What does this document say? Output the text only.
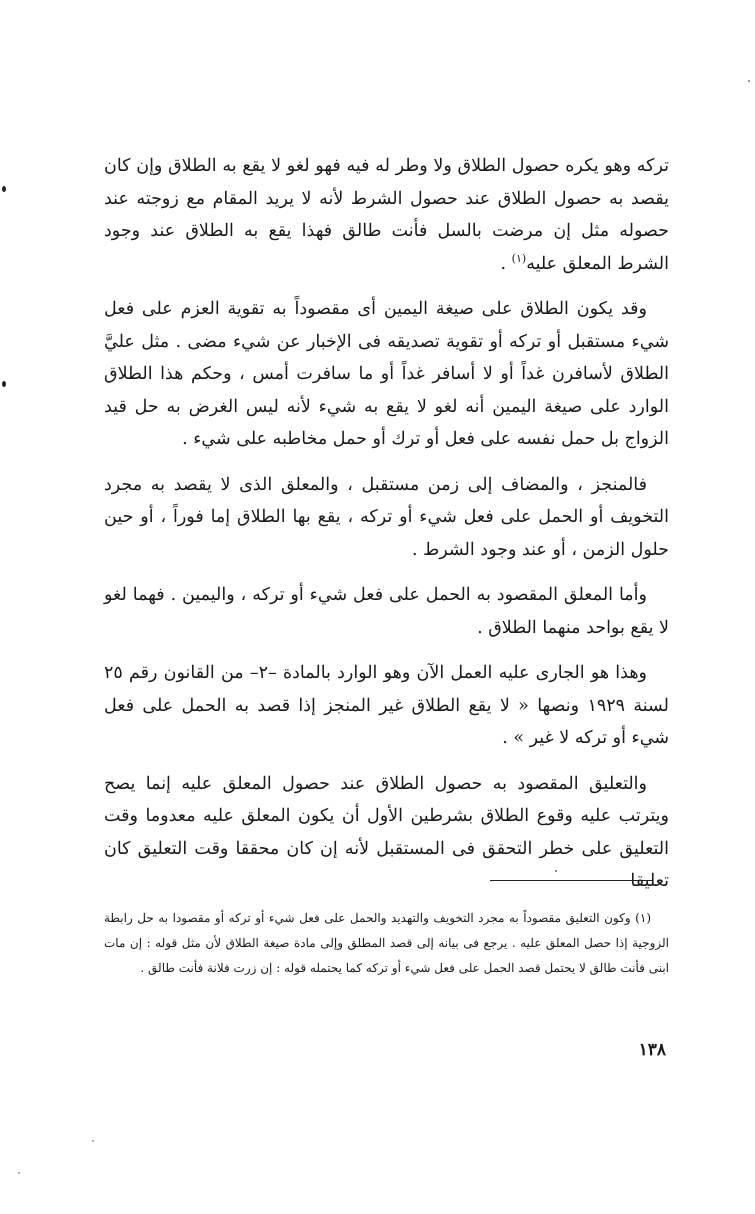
تركه وهو يكره حصول الطلاق ولا وطر له فيه فهو لغو لا يقع به الطلاق وإن كان يقصد به حصول الطلاق عند حصول الشرط لأنه لا يريد المقام مع زوجته عند حصوله مثل إن مرضت بالسل فأنت طالق فهذا يقع به الطلاق عند وجود الشرط المعلق عليه$^{(١)}$ .

وقد يكون الطلاق على صيغة اليمين أى مقصوداً به تقوية العزم على فعل شيء مستقبل أو تركه أو تقوية تصديقه فى الإخبار عن شيء مضى . مثل عليَّ الطلاق لأسافرن غداً أو لا أسافر غداً أو ما سافرت أمس ، وحكم هذا الطلاق الوارد على صيغة اليمين أنه لغو لا يقع به شيء لأنه ليس الغرض به حل قيد الزواج بل حمل نفسه على فعل أو ترك أو حمل مخاطبه على شيء .

فالمنجز ، والمضاف إلى زمن مستقبل ، والمعلق الذى لا يقصد به مجرد التخويف أو الحمل على فعل شيء أو تركه ، يقع بها الطلاق إما فوراً ، أو حين حلول الزمن ، أو عند وجود الشرط .

وأما المعلق المقصود به الحمل على فعل شيء أو تركه ، واليمين . فهما لغو لا يقع بواحد منهما الطلاق .

وهذا هو الجارى عليه العمل الآن وهو الوارد بالمادة –٢– من القانون رقم ٢٥ لسنة ١٩٢٩ ونصها « لا يقع الطلاق غير المنجز إذا قصد به الحمل على فعل شيء أو تركه لا غير » .

والتعليق المقصود به حصول الطلاق عند حصول المعلق عليه إنما يصح ويترتب عليه وقوع الطلاق بشرطين الأول أن يكون المعلق عليه معدوما وقت التعليق على خطر التحقق فى المستقبل لأنه إن كان محققا وقت التعليق كان تعليقا

(١) وكون التعليق مقصوداً به مجرد التخويف والتهديد والحمل على فعل شيء أو تركه أو مقصودا به حل رابطة الزوجية إذا حصل المعلق عليه . يرجع فى بيانه إلى قصد المطلق وإلى مادة صيغة الطلاق لأن مثل قوله : إن مات ابنى فأنت طالق لا يحتمل قصد الحمل على فعل شيء أو تركه كما يحتمله قوله : إن زرت فلانة فأنت طالق .

١٣٨
